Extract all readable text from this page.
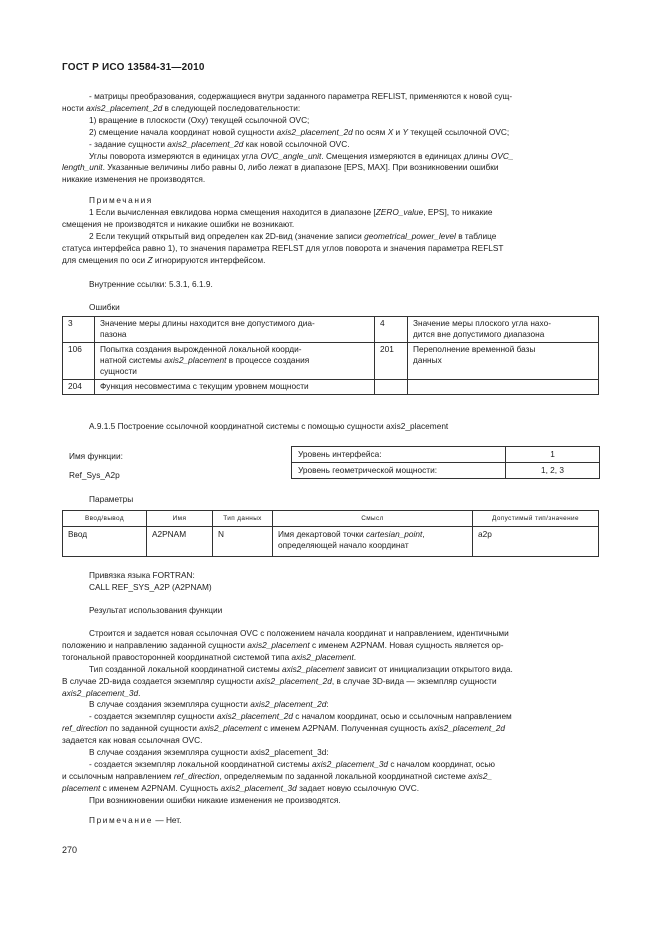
ГОСТ Р ИСО 13584-31—2010

- матрицы преобразования, содержащиеся внутри заданного параметра REFLIST, применяются к новой сущ-

ности axis2_placement_2d в следующей последовательности:

1) вращение в плоскости (Oxy) текущей ссылочной OVC;

2) смещение начала координат новой сущности axis2_placement_2d по осям X и Y текущей ссылочной OVC;

- задание сущности axis2_placement_2d как новой ссылочной OVC.

Углы поворота измеряются в единицах угла OVC_angle_unit. Смещения измеряются в единицах длины OVC_

length_unit. Указанные величины либо равны 0, либо лежат в диапазоне [EPS, MAX]. При возникновении ошибки

никакие изменения не производятся.

Примечания

1 Если вычисленная евклидова норма смещения находится в диапазоне [ZERO_value, EPS], то никакие

смещения не производятся и никакие ошибки не возникают.

2 Если текущий открытый вид определен как 2D-вид (значение записи geometrical_power_level в таблице

статуса интерфейса равно 1), то значения параметра REFLST для углов поворота и значения параметра REFLST

для смещения по оси Z игнорируются интерфейсом.

Внутренние ссылки: 5.3.1, 6.1.9.
Ошибки
3	Значение меры длины находится вне допустимого диа-
пазона	4	Значение меры плоского угла нахо-
дится вне допустимого диапазона
106	Попытка создания вырожденной локальной коорди-
натной системы axis2_placement в процессе создания
сущности	201	Переполнение временной базы
данных
204	Функция несовместима с текущим уровнем мощности		
А.9.1.5 Построение ссылочной координатной системы с помощью сущности axis2_placement
Имя функции:
Ref_Sys_A2p
Уровень интерфейса:	1
Уровень геометрической мощности:	1, 2, 3
Параметры
Ввод/вывод	Имя	Тип данных	Смысл	Допустимый тип/значение
Ввод	A2PNAM	N	Имя декартовой точки cartesian_point,
определяющей начало координат	a2p
Привязка языка FORTRAN:
CALL REF_SYS_A2P (A2PNAM)
Результат использования функции

Строится и задается новая ссылочная OVC с положением начала координат и направлением, идентичными

положению и направлению заданной сущности axis2_placement с именем A2PNAM. Новая сущность является ор-

тогональной правосторонней координатной системой типа axis2_placement.

Тип созданной локальной координатной системы axis2_placement зависит от инициализации открытого вида.

В случае 2D-вида создается экземпляр сущности axis2_placement_2d, в случае 3D-вида — экземпляр сущности

axis2_placement_3d.

В случае создания экземпляра сущности axis2_placement_2d:

- создается экземпляр сущности axis2_placement_2d с началом координат, осью и ссылочным направлением

ref_direction по заданной сущности axis2_placement с именем A2PNAM. Полученная сущность axis2_placement_2d

задается как новая ссылочная OVC.

В случае создания экземпляра сущности axis2_placement_3d:

- создается экземпляр локальной координатной системы axis2_placement_3d с началом координат, осью

и ссылочным направлением ref_direction, определяемым по заданной локальной координатной системе axis2_

placement с именем A2PNAM. Сущность axis2_placement_3d задает новую ссылочную OVC.

При возникновении ошибки никакие изменения не производятся.

Примечание — Нет.
270
